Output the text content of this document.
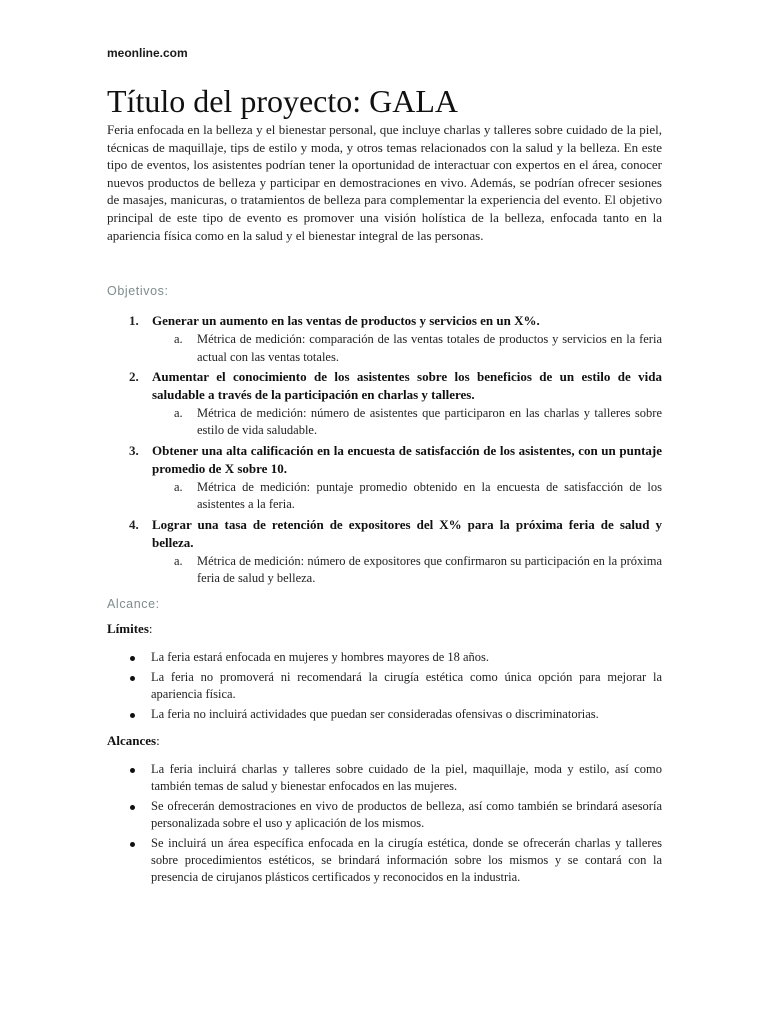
meonline.com
Título del proyecto: GALA

Feria enfocada en la belleza y el bienestar personal, que incluye charlas y talleres sobre cuidado de la piel, técnicas de maquillaje, tips de estilo y moda, y otros temas relacionados con la salud y la belleza. En este tipo de eventos, los asistentes podrían tener la oportunidad de interactuar con expertos en el área, conocer nuevos productos de belleza y participar en demostraciones en vivo. Además, se podrían ofrecer sesiones de masajes, manicuras, o tratamientos de belleza para complementar la experiencia del evento. El objetivo principal de este tipo de evento es promover una visión holística de la belleza, enfocada tanto en la apariencia física como en la salud y el bienestar integral de las personas.

Objetivos:
1. Generar un aumento en las ventas de productos y servicios en un X%.
a. Métrica de medición: comparación de las ventas totales de productos y servicios en la feria actual con las ventas totales.
2. Aumentar el conocimiento de los asistentes sobre los beneficios de un estilo de vida saludable a través de la participación en charlas y talleres.
a. Métrica de medición: número de asistentes que participaron en las charlas y talleres sobre estilo de vida saludable.
3. Obtener una alta calificación en la encuesta de satisfacción de los asistentes, con un puntaje promedio de X sobre 10.
a. Métrica de medición: puntaje promedio obtenido en la encuesta de satisfacción de los asistentes a la feria.
4. Lograr una tasa de retención de expositores del X% para la próxima feria de salud y belleza.
a. Métrica de medición: número de expositores que confirmaron su participación en la próxima feria de salud y belleza.
Alcance:
Límites:
La feria estará enfocada en mujeres y hombres mayores de 18 años.
La feria no promoverá ni recomendará la cirugía estética como única opción para mejorar la apariencia física.
La feria no incluirá actividades que puedan ser consideradas ofensivas o discriminatorias.
Alcances:
La feria incluirá charlas y talleres sobre cuidado de la piel, maquillaje, moda y estilo, así como también temas de salud y bienestar enfocados en las mujeres.
Se ofrecerán demostraciones en vivo de productos de belleza, así como también se brindará asesoría personalizada sobre el uso y aplicación de los mismos.
Se incluirá un área específica enfocada en la cirugía estética, donde se ofrecerán charlas y talleres sobre procedimientos estéticos, se brindará información sobre los mismos y se contará con la presencia de cirujanos plásticos certificados y reconocidos en la industria.
